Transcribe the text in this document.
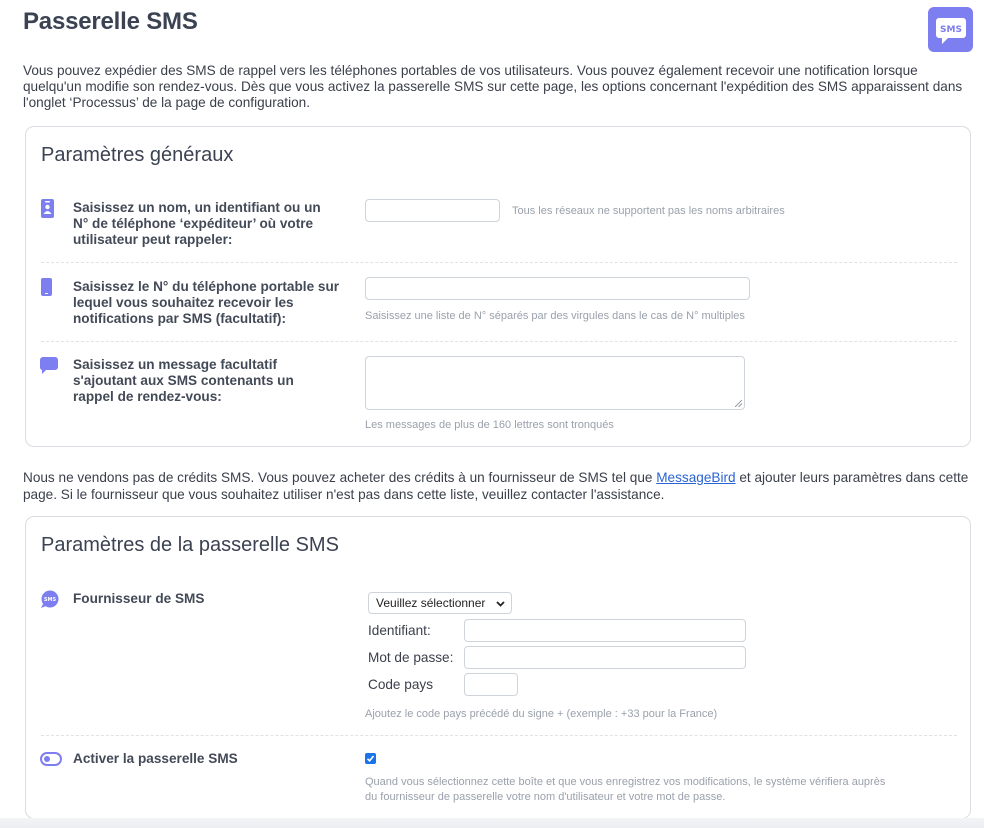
Passerelle SMS	SMS

Vous pouvez expédier des SMS de rappel vers les téléphones portables de vos utilisateurs. Vous pouvez également recevoir une notification lorsque quelqu'un modifie son rendez-vous. Dès que vous activez la passerelle SMS sur cette page, les options concernant l'expédition des SMS apparaissent dans l'onglet ‘Processus’ de la page de configuration.

Paramètres généraux
Saisissez un nom, un identifiant ou un N° de téléphone ‘expéditeur’ où votre utilisateur peut rappeler:
Tous les réseaux ne supportent pas les noms arbitraires
Saisissez le N° du téléphone portable sur lequel vous souhaitez recevoir les notifications par SMS (facultatif):	Saisissez une liste de N° séparés par des virgules dans le cas de N° multiples
Saisissez un message facultatif s'ajoutant aux SMS contenants un rappel de rendez-vous:
Les messages de plus de 160 lettres sont tronqués

Nous ne vendons pas de crédits SMS. Vous pouvez acheter des crédits à un fournisseur de SMS tel que MessageBird et ajouter leurs paramètres dans cette page. Si le fournisseur que vous souhaitez utiliser n'est pas dans cette liste, veuillez contacter l'assistance.

Paramètres de la passerelle SMS
SMS Fournisseur de SMS	Veuillez sélectionner
Identifiant:
Mot de passe:
Code pays
Ajoutez le code pays précédé du signe + (exemple : +33 pour la France)
Activer la passerelle SMS
Quand vous sélectionnez cette boîte et que vous enregistrez vos modifications, le système vérifiera auprès
du fournisseur de passerelle votre nom d'utilisateur et votre mot de passe.
